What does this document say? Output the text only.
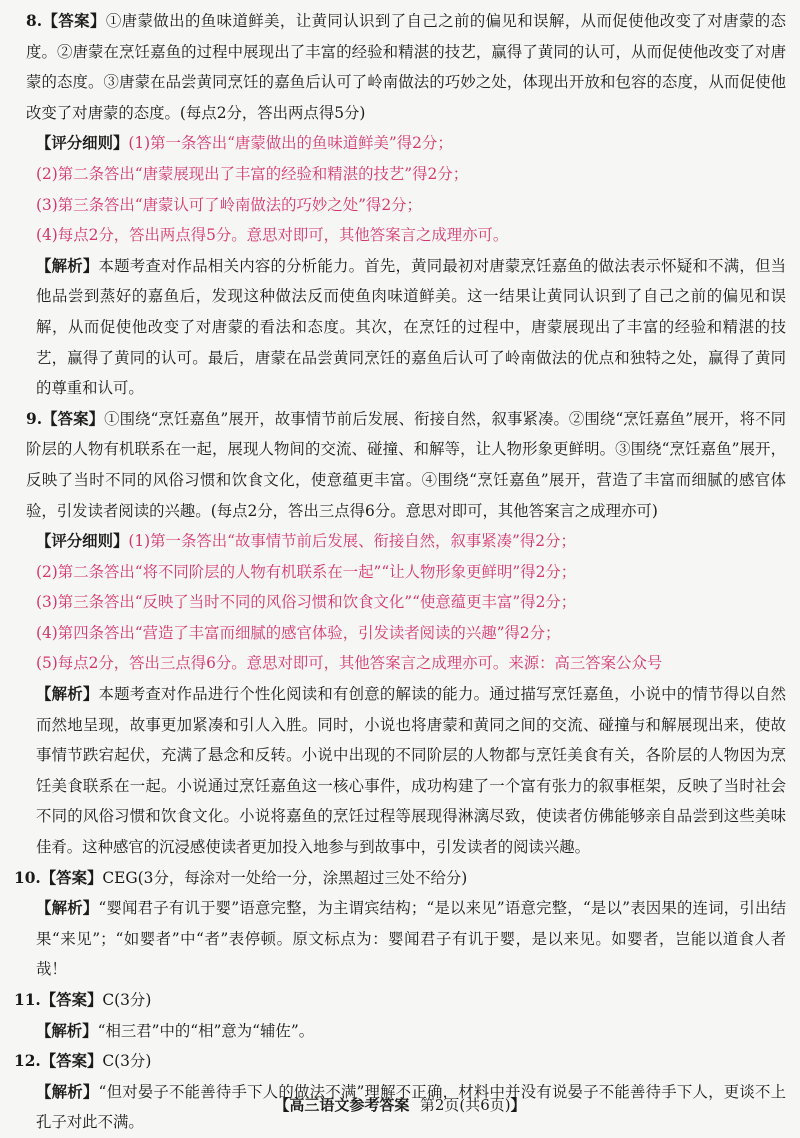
8.【答案】①唐蒙做出的鱼味道鲜美，让黄同认识到了自己之前的偏见和误解，从而促使他改变了对唐蒙的态度。②唐蒙在烹饪嘉鱼的过程中展现出了丰富的经验和精湛的技艺，赢得了黄同的认可，从而促使他改变了对唐蒙的态度。③唐蒙在品尝黄同烹饪的嘉鱼后认可了岭南做法的巧妙之处，体现出开放和包容的态度，从而促使他改变了对唐蒙的态度。(每点2分，答出两点得5分)
【评分细则】(1)第一条答出“唐蒙做出的鱼味道鲜美”得2分；
(2)第二条答出“唐蒙展现出了丰富的经验和精湛的技艺”得2分；
(3)第三条答出“唐蒙认可了岭南做法的巧妙之处”得2分；
(4)每点2分，答出两点得5分。意思对即可，其他答案言之成理亦可。
【解析】本题考查对作品相关内容的分析能力。首先，黄同最初对唐蒙烹饪嘉鱼的做法表示怀疑和不满，但当他品尝到蒸好的嘉鱼后，发现这种做法反而使鱼肉味道鲜美。这一结果让黄同认识到了自己之前的偏见和误解，从而促使他改变了对唐蒙的看法和态度。其次，在烹饪的过程中，唐蒙展现出了丰富的经验和精湛的技艺，赢得了黄同的认可。最后，唐蒙在品尝黄同烹饪的嘉鱼后认可了岭南做法的优点和独特之处，赢得了黄同的尊重和认可。
9.【答案】①围绕“烹饪嘉鱼”展开，故事情节前后发展、衔接自然，叙事紧凑。②围绕“烹饪嘉鱼”展开，将不同阶层的人物有机联系在一起，展现人物间的交流、碰撞、和解等，让人物形象更鲜明。③围绕“烹饪嘉鱼”展开，反映了当时不同的风俗习惯和饮食文化，使意蕴更丰富。④围绕“烹饪嘉鱼”展开，营造了丰富而细腻的感官体验，引发读者阅读的兴趣。(每点2分，答出三点得6分。意思对即可，其他答案言之成理亦可)
【评分细则】(1)第一条答出“故事情节前后发展、衔接自然，叙事紧凑”得2分；
(2)第二条答出“将不同阶层的人物有机联系在一起”“让人物形象更鲜明”得2分；
(3)第三条答出“反映了当时不同的风俗习惯和饮食文化”“使意蕴更丰富”得2分；
(4)第四条答出“营造了丰富而细腻的感官体验，引发读者阅读的兴趣”得2分；
(5)每点2分，答出三点得6分。意思对即可，其他答案言之成理亦可。来源：高三答案公众号
【解析】本题考查对作品进行个性化阅读和有创意的解读的能力。通过描写烹饪嘉鱼，小说中的情节得以自然而然地呈现，故事更加紧凑和引人入胜。同时，小说也将唐蒙和黄同之间的交流、碰撞与和解展现出来，使故事情节跌宕起伏，充满了悬念和反转。小说中出现的不同阶层的人物都与烹饪美食有关，各阶层的人物因为烹饪美食联系在一起。小说通过烹饪嘉鱼这一核心事件，成功构建了一个富有张力的叙事框架，反映了当时社会不同的风俗习惯和饮食文化。小说将嘉鱼的烹饪过程等展现得淋漓尽致，使读者仿佛能够亲自品尝到这些美味佳肴。这种感官的沉浸感使读者更加投入地参与到故事中，引发读者的阅读兴趣。
10.【答案】CEG(3分，每涂对一处给一分，涂黑超过三处不给分)
【解析】“婴闻君子有讥于婴”语意完整，为主谓宾结构；“是以来见”语意完整，“是以”表因果的连词，引出结果“来见”；“如婴者”中“者”表停顿。原文标点为：婴闻君子有讥于婴，是以来见。如婴者，岂能以道食人者哉！
11.【答案】C(3分)
【解析】“相三君”中的“相”意为“辅佐”。
12.【答案】C(3分)
【解析】“但对晏子不能善待手下人的做法不满”理解不正确，材料中并没有说晏子不能善待手下人，更谈不上孔子对此不满。
【高三语文参考答案 第2页(共6页)】
